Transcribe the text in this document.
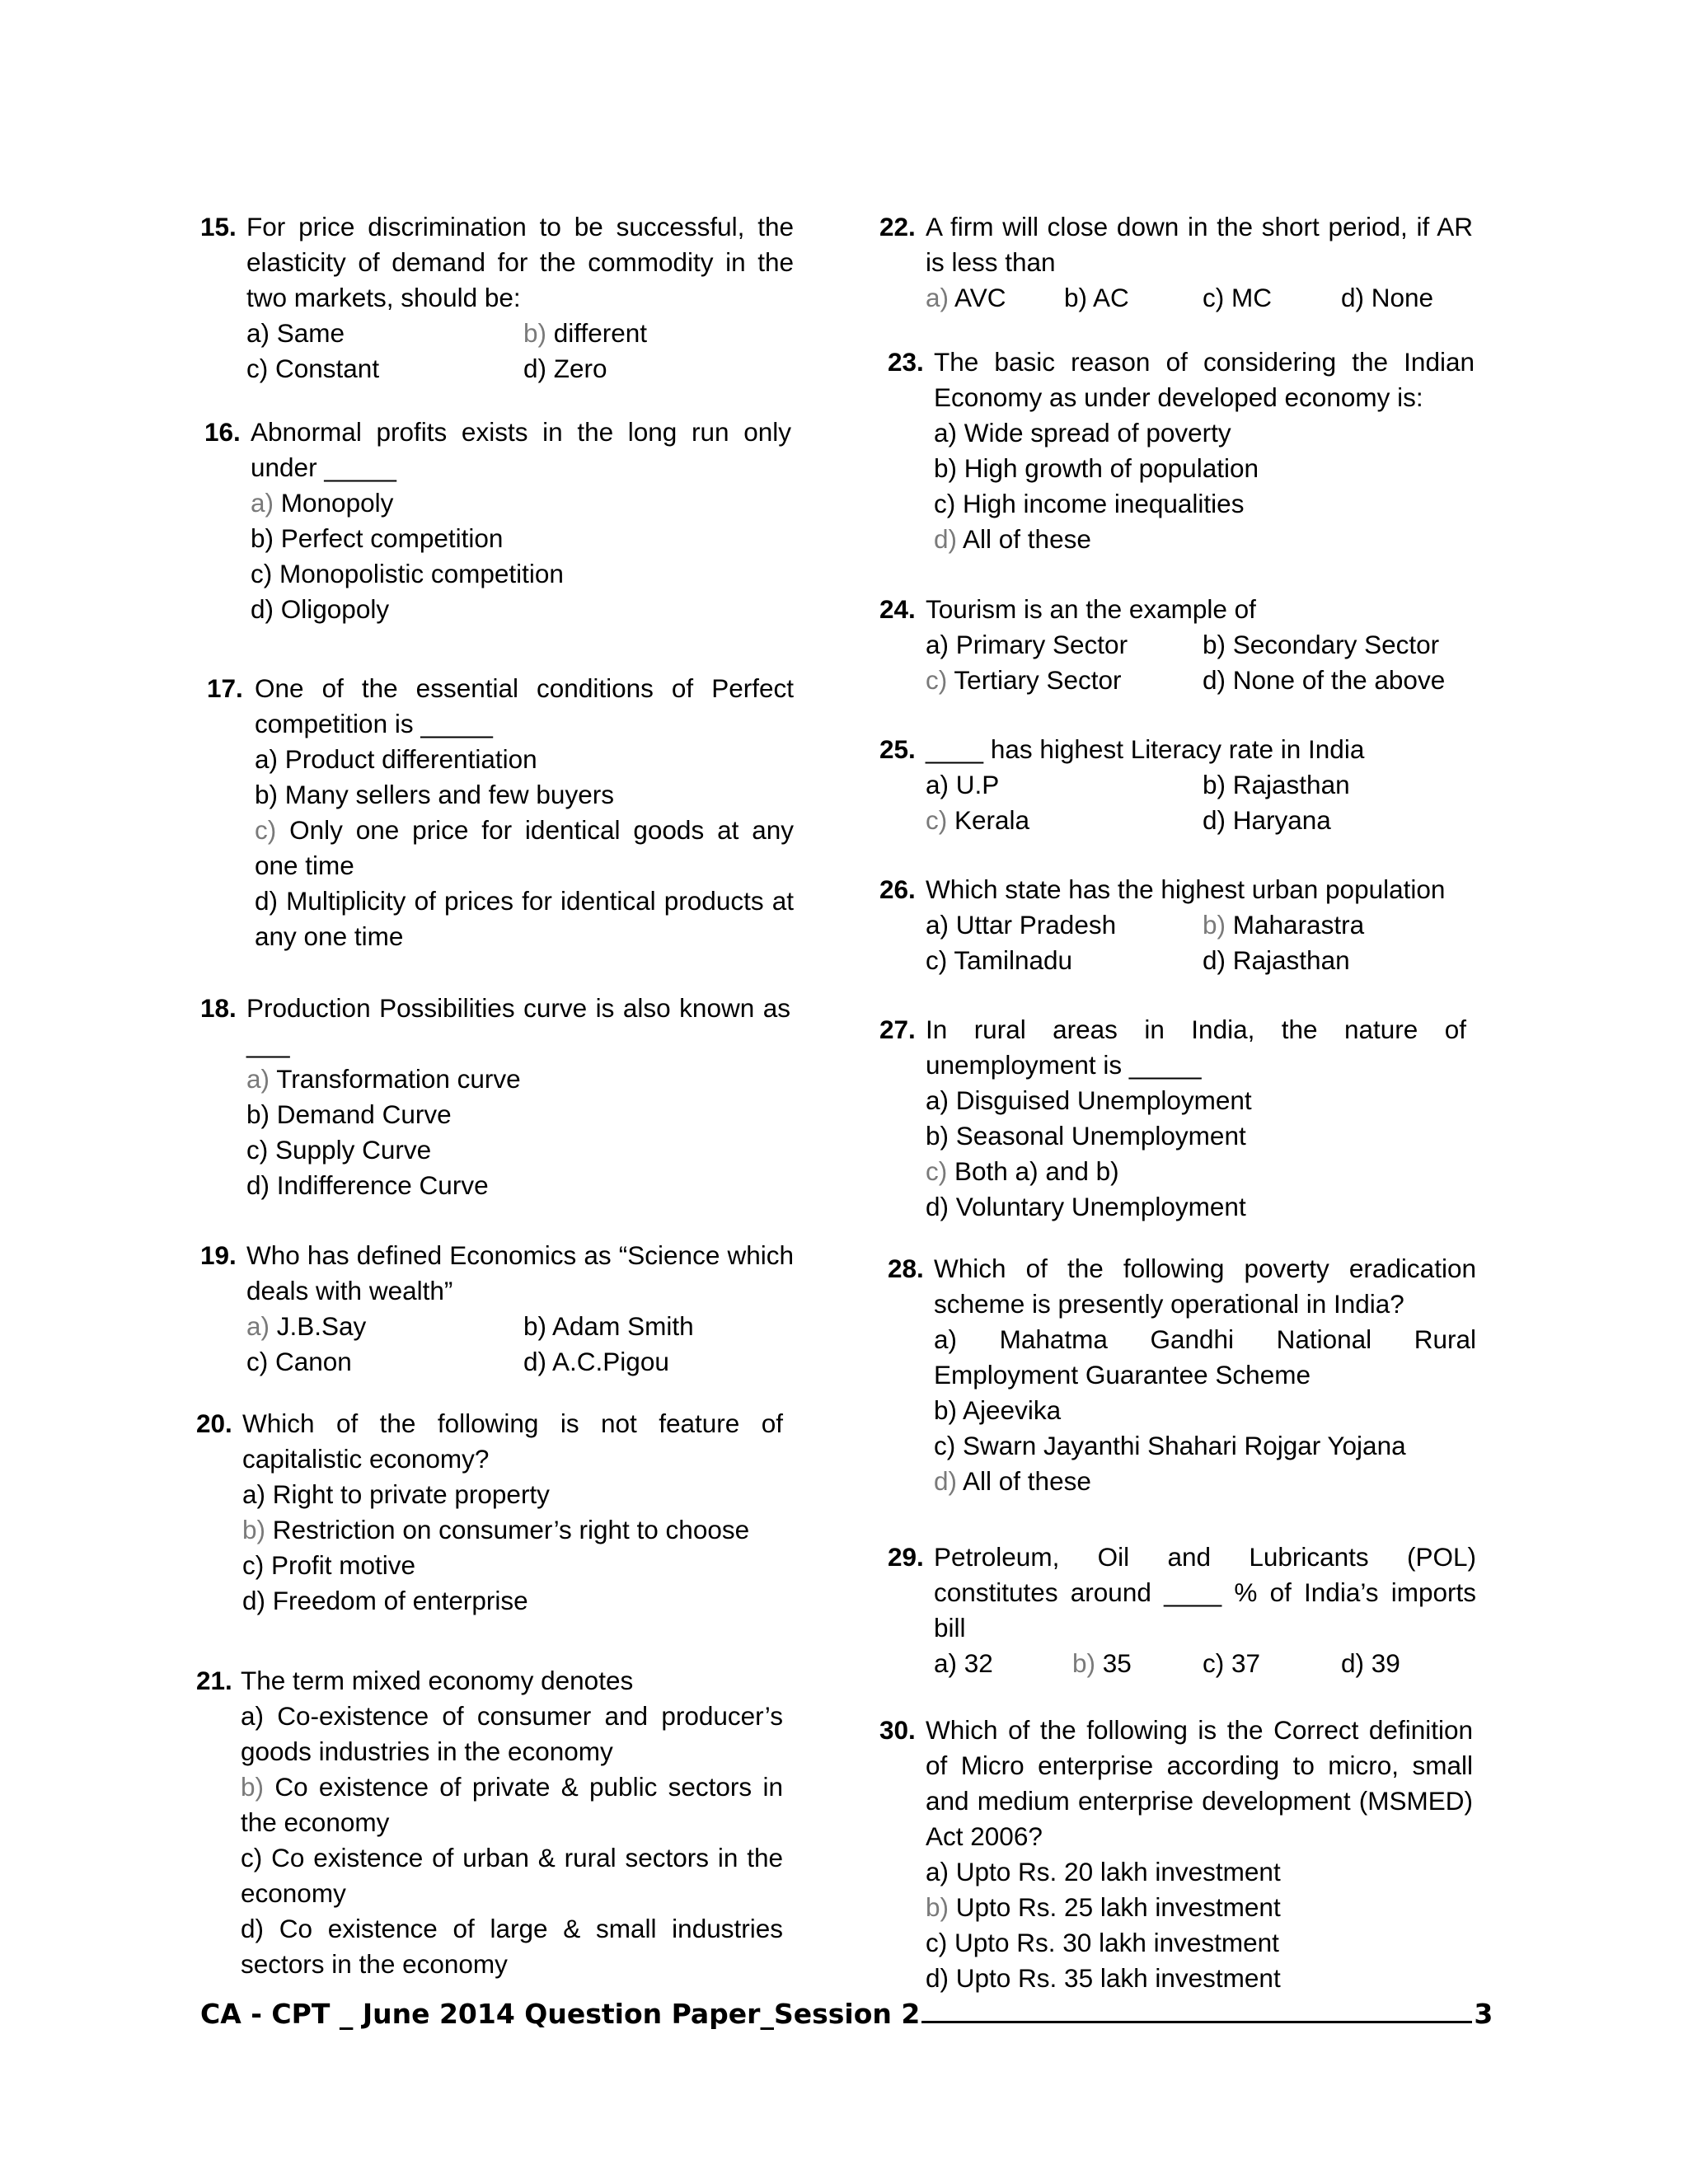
15. For price discrimination to be successful, the elasticity of demand for the commodity in the two markets, should be:
a) Same	b) different
c) Constant	d) Zero
16. Abnormal profits exists in the long run only under _____
a) Monopoly
b) Perfect competition
c) Monopolistic competition
d) Oligopoly
17. One of the essential conditions of Perfect competition is _____
a) Product differentiation
b) Many sellers and few buyers
c) Only one price for identical goods at any one time
d) Multiplicity of prices for identical products at any one time
18. Production Possibilities curve is also known as ___
a) Transformation curve
b) Demand Curve
c) Supply Curve
d) Indifference Curve
19. Who has defined Economics as “Science which deals with wealth”
a) J.B.Say	b) Adam Smith
c) Canon	d) A.C.Pigou
20. Which of the following is not feature of capitalistic economy?
a) Right to private property
b) Restriction on consumer’s right to choose
c) Profit motive
d) Freedom of enterprise
21. The term mixed economy denotes
a) Co-existence of consumer and producer’s goods industries in the economy
b) Co existence of private & public sectors in the economy
c) Co existence of urban & rural sectors in the economy
d) Co existence of large & small industries sectors in the economy
22. A firm will close down in the short period, if AR is less than
a) AVC b) AC	c) MC	d) None
23. The basic reason of considering the Indian Economy as under developed economy is:
a) Wide spread of poverty
b) High growth of population
c) High income inequalities
d) All of these
24. Tourism is an the example of
a) Primary Sector	b) Secondary Sector
c) Tertiary Sector	d) None of the above
25. ____ has highest Literacy rate in India
a) U.P	b) Rajasthan
c) Kerala	d) Haryana
26. Which state has the highest urban population
a) Uttar Pradesh	b) Maharastra
c) Tamilnadu	d) Rajasthan
27. In rural areas in India, the nature of unemployment is _____
a) Disguised Unemployment
b) Seasonal Unemployment
c) Both a) and b)
d) Voluntary Unemployment
28. Which of the following poverty eradication scheme is presently operational in India?
a) Mahatma Gandhi National Rural Employment Guarantee Scheme
b) Ajeevika
c) Swarn Jayanthi Shahari Rojgar Yojana
d) All of these
29. Petroleum, Oil and Lubricants (POL) constitutes around ____ % of India’s imports bill
a) 32	b) 35	c) 37	d) 39
30. Which of the following is the Correct definition of Micro enterprise according to micro, small and medium enterprise development (MSMED) Act 2006?
a) Upto Rs. 20 lakh investment
b) Upto Rs. 25 lakh investment
c) Upto Rs. 30 lakh investment
d) Upto Rs. 35 lakh investment
CA - CPT _ June 2014 Question Paper_Session 2	3
